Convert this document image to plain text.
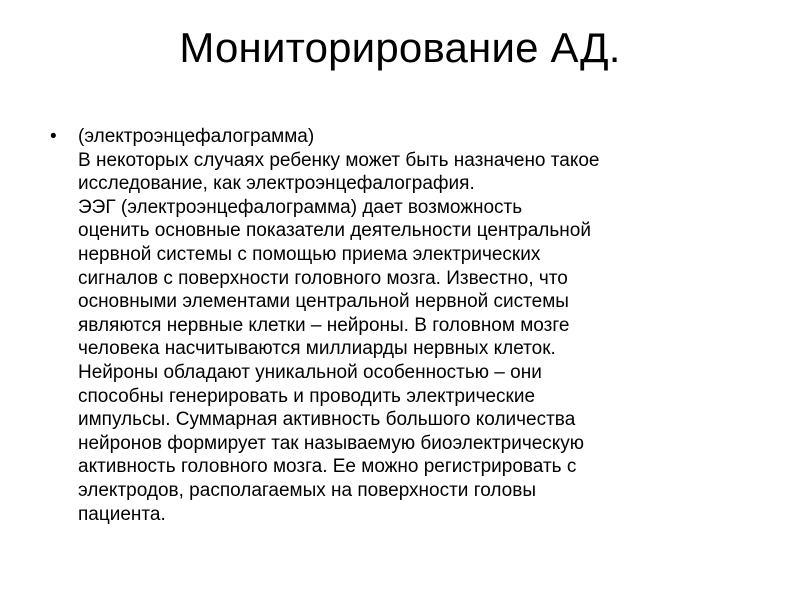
Мониторирование АД.
• (электроэнцефалограмма)
В некоторых случаях ребенку может быть назначено такое
исследование, как электроэнцефалография.
ЭЭГ (электроэнцефалограмма) дает возможность
оценить основные показатели деятельности центральной
нервной системы с помощью приема электрических
сигналов с поверхности головного мозга. Известно, что
основными элементами центральной нервной системы
являются нервные клетки – нейроны. В головном мозге
человека насчитываются миллиарды нервных клеток.
Нейроны обладают уникальной особенностью – они
способны генерировать и проводить электрические
импульсы. Суммарная активность большого количества
нейронов формирует так называемую биоэлектрическую
активность головного мозга. Ее можно регистрировать с
электродов, располагаемых на поверхности головы
пациента.
